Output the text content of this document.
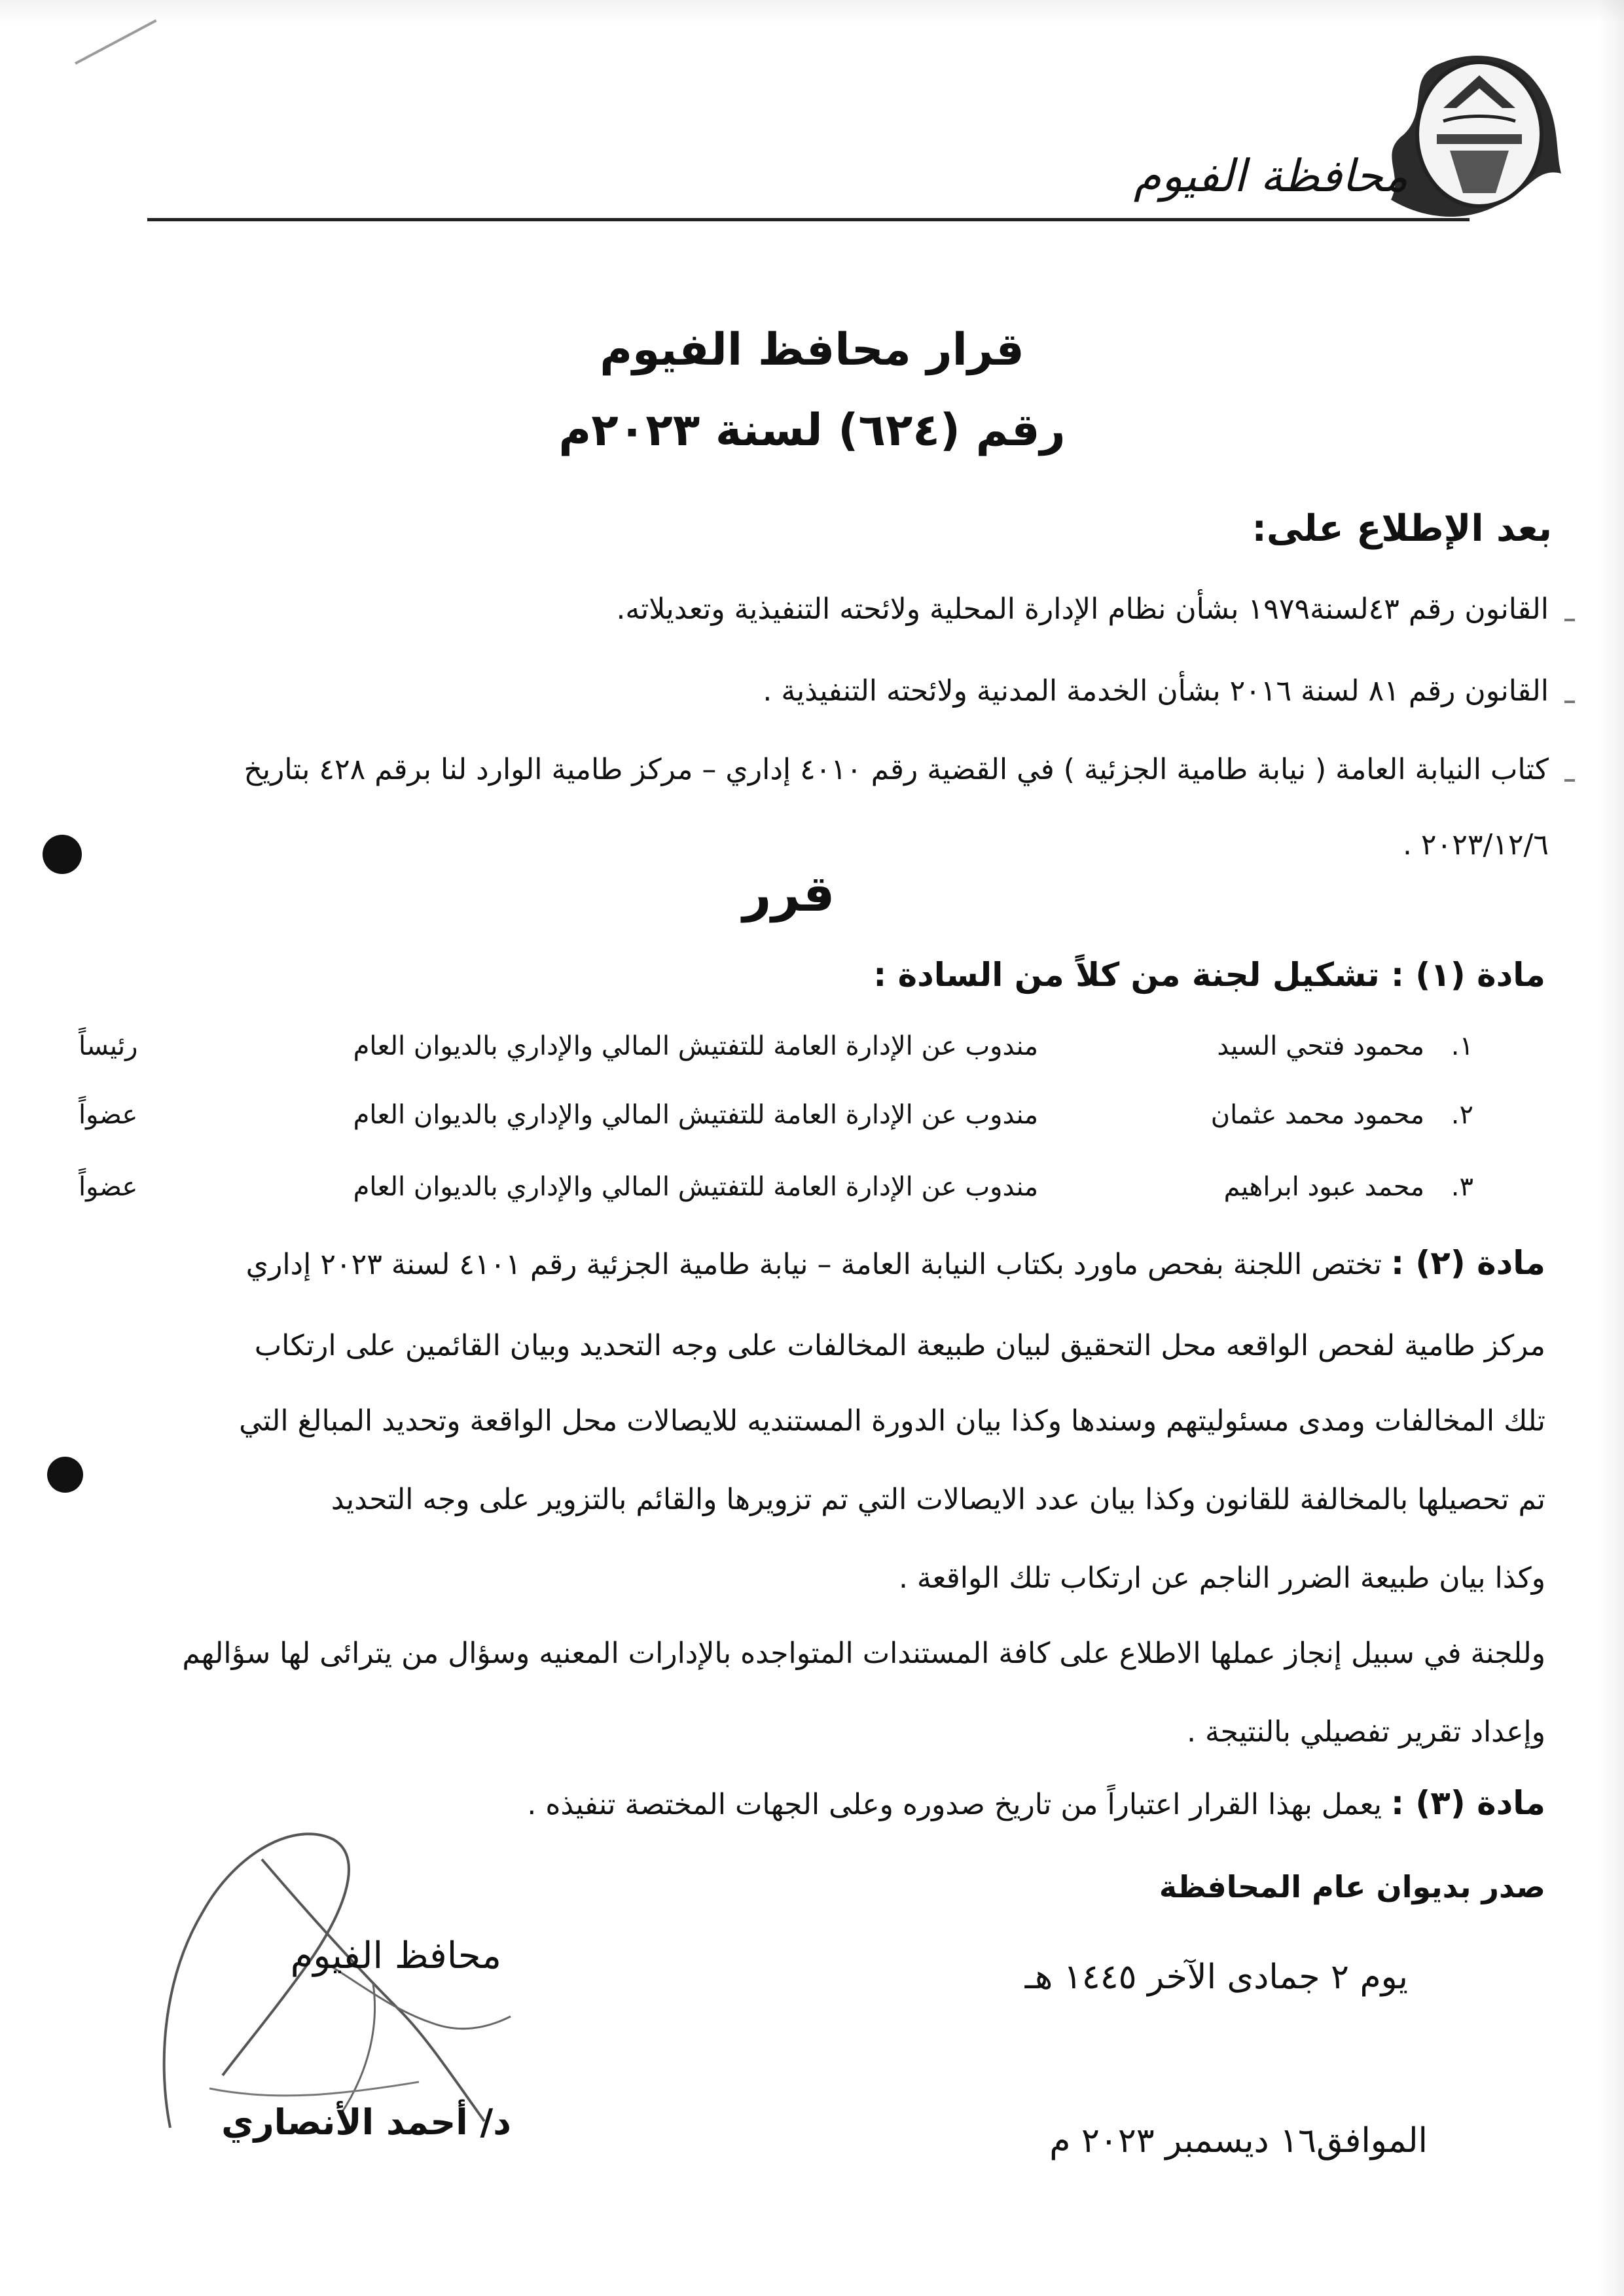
محافظة الفيوم
قرار محافظ الفيوم
رقم (٦٢٤) لسنة ٢٠٢٣م
بعد الإطلاع على:
القانون رقم ٤٣لسنة١٩٧٩ بشأن نظام الإدارة المحلية ولائحته التنفيذية وتعديلاته.
القانون رقم ٨١ لسنة ٢٠١٦ بشأن الخدمة المدنية ولائحته التنفيذية .
كتاب النيابة العامة ( نيابة طامية الجزئية ) في القضية رقم ٤٠١٠ إداري – مركز طامية الوارد لنا برقم ٤٢٨ بتاريخ
٢٠٢٣/١٢/٦ .
قرر
مادة (١) : تشكيل لجنة من كلاً من السادة :
١.
محمود فتحي السيد
مندوب عن الإدارة العامة للتفتيش المالي والإداري بالديوان العام
رئيساً
٢.
محمود محمد عثمان
مندوب عن الإدارة العامة للتفتيش المالي والإداري بالديوان العام
عضواً
٣.
محمد عبود ابراهيم
مندوب عن الإدارة العامة للتفتيش المالي والإداري بالديوان العام
عضواً
مادة (٢) : تختص اللجنة بفحص ماورد بكتاب النيابة العامة – نيابة طامية الجزئية رقم ٤١٠١ لسنة ٢٠٢٣ إداري
مركز طامية لفحص الواقعه محل التحقيق لبيان طبيعة المخالفات على وجه التحديد وبيان القائمين على ارتكاب
تلك المخالفات ومدى مسئوليتهم وسندها وكذا بيان الدورة المستنديه للايصالات محل الواقعة وتحديد المبالغ التي
تم تحصيلها بالمخالفة للقانون وكذا بيان عدد الايصالات التي تم تزويرها والقائم بالتزوير على وجه التحديد
وكذا بيان طبيعة الضرر الناجم عن ارتكاب تلك الواقعة .
وللجنة في سبيل إنجاز عملها الاطلاع على كافة المستندات المتواجده بالإدارات المعنيه وسؤال من يترائى لها سؤالهم
وإعداد تقرير تفصيلي بالنتيجة .
مادة (٣) : يعمل بهذا القرار اعتباراً من تاريخ صدوره وعلى الجهات المختصة تنفيذه .
صدر بديوان عام المحافظة
يوم ٢ جمادى الآخر ١٤٤٥ هـ
الموافق١٦ ديسمبر ٢٠٢٣ م
محافظ الفيوم
د/ أحمد الأنصاري
